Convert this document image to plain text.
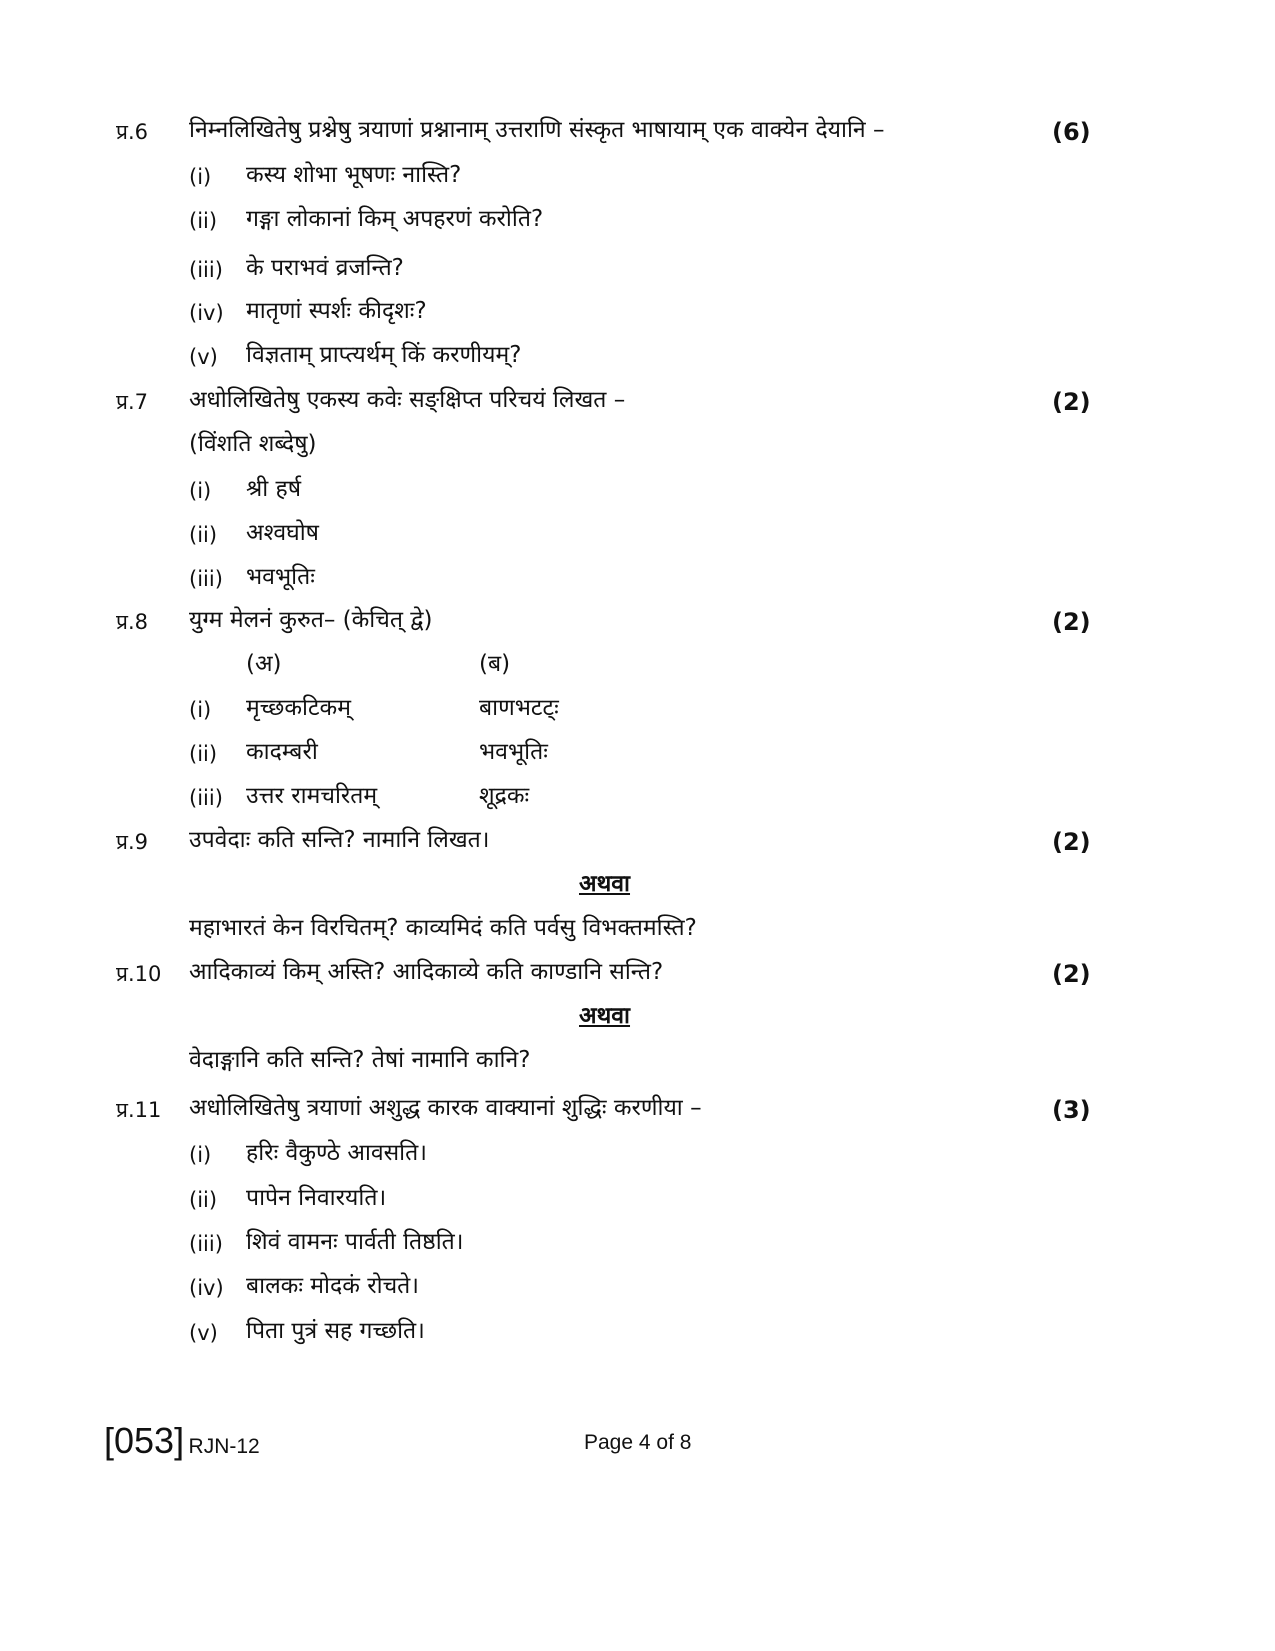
प्र.6 निम्नलिखितेषु प्रश्नेषु त्रयाणां प्रश्नानाम् उत्तराणि संस्कृत भाषायाम् एक वाक्येन देयानि –	(6)
(i) कस्य शोभा भूषणः नास्ति?
(ii) गङ्गा लोकानां किम् अपहरणं करोति?
(iii) के पराभवं व्रजन्ति?
(iv) मातृणां स्पर्शः कीदृशः?
(v) विज्ञताम् प्राप्त्यर्थम् किं करणीयम्?
प्र.7 अधोलिखितेषु एकस्य कवेः सङ्क्षिप्त परिचयं लिखत –	(2)
(विंशति शब्देषु)
(i) श्री हर्ष
(ii) अश्वघोष
(iii) भवभूतिः
प्र.8 युग्म मेलनं कुरुत– (केचित् द्वे)	(2)
(अ)	(ब)
(i) मृच्छकटिकम्	बाणभटट्ः
(ii) कादम्बरी	भवभूतिः
(iii) उत्तर रामचरितम्	शूद्रकः
प्र.9 उपवेदाः कति सन्ति? नामानि लिखत।	(2)
अथवा
महाभारतं केन विरचितम्? काव्यमिदं कति पर्वसु विभक्तमस्ति?
प्र.10 आदिकाव्यं किम् अस्ति? आदिकाव्ये कति काण्डानि सन्ति?	(2)
अथवा
वेदाङ्गानि कति सन्ति? तेषां नामानि कानि?
प्र.11 अधोलिखितेषु त्रयाणां अशुद्ध कारक वाक्यानां शुद्धिः करणीया –	(3)
(i) हरिः वैकुण्ठे आवसति।
(ii) पापेन निवारयति।
(iii) शिवं वामनः पार्वती तिष्ठति।
(iv) बालकः मोदकं रोचते।
(v) पिता पुत्रं सह गच्छति।
[053] RJN-12	Page 4 of 8
